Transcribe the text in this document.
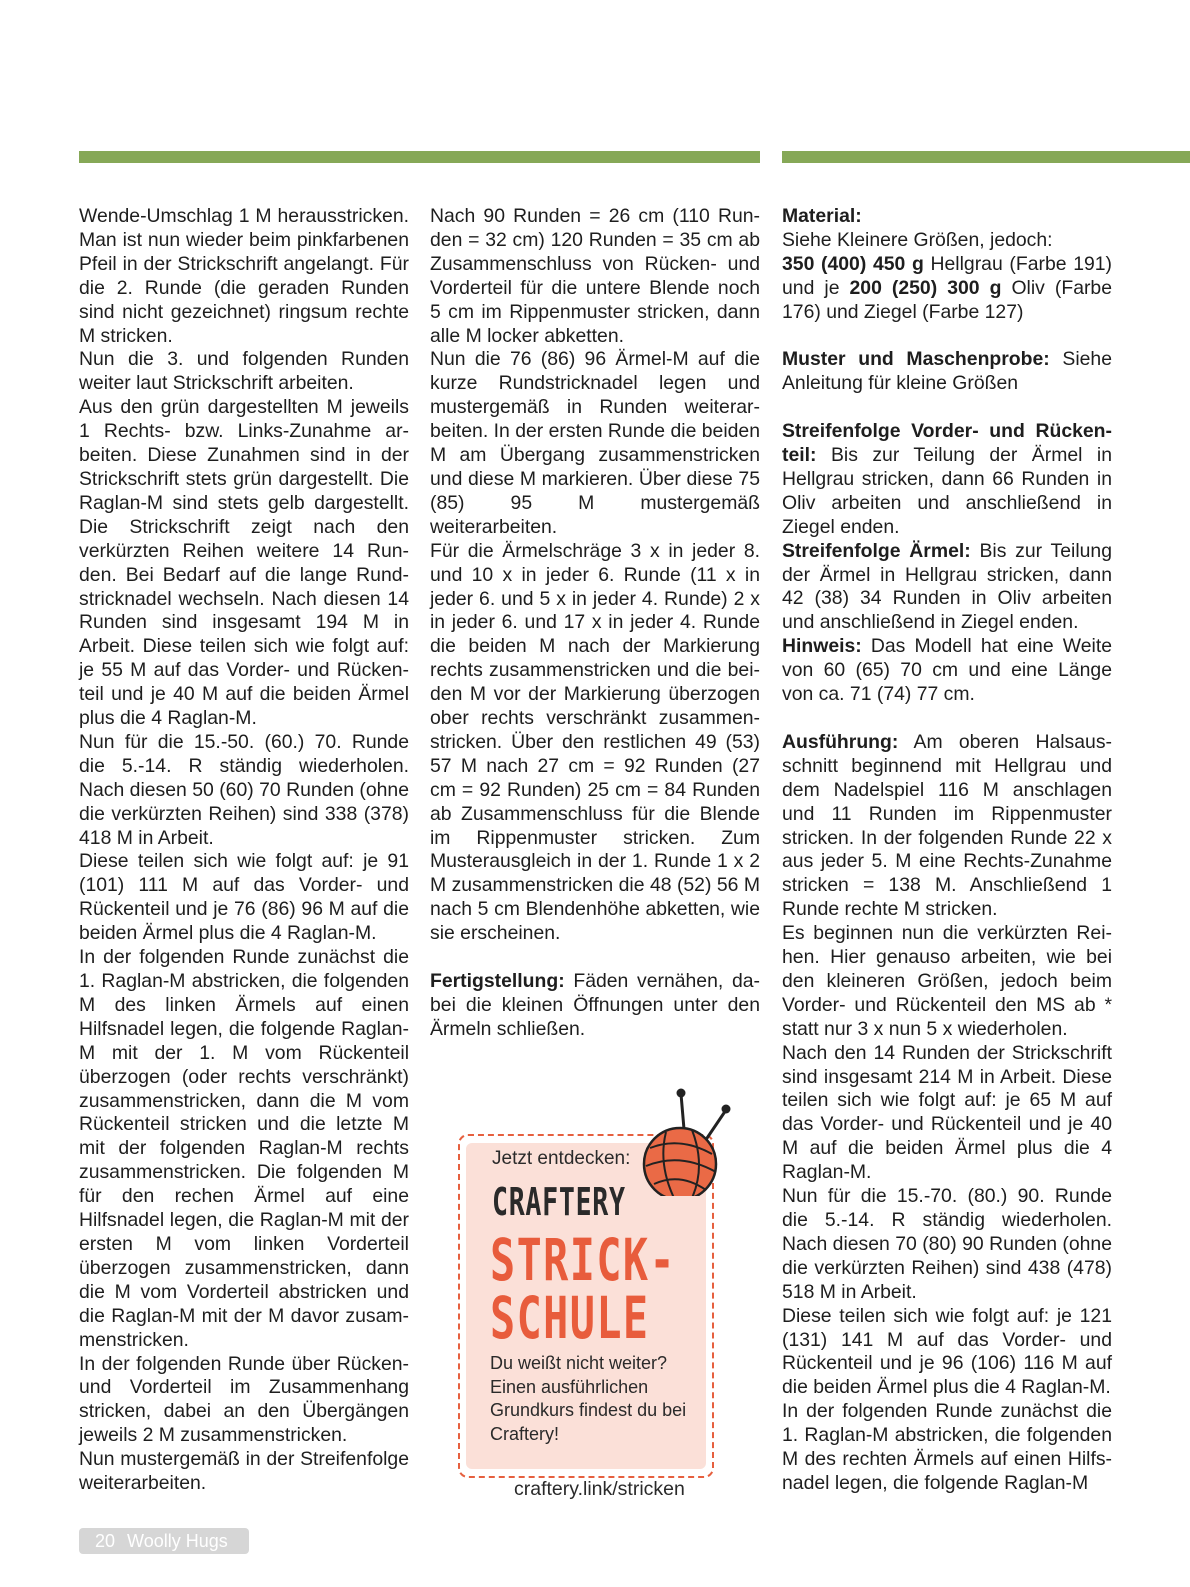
Wende-Umschlag 1 M herausstricken. Man ist nun wieder beim pinkfarbenen Pfeil in der Strickschrift angelangt. Für die 2. Runde (die geraden Runden sind nicht gezeichnet) ringsum rechte M stricken.

Nun die 3. und folgenden Runden weiter laut Strickschrift arbeiten.

Aus den grün dargestellten M jeweils 1 Rechts- bzw. Links-Zunahme arbeiten. Diese Zunahmen sind in der Strickschrift stets grün dargestellt. Die Raglan-M sind stets gelb dargestellt. Die Strickschrift zeigt nach den verkürzten Reihen weitere 14 Runden. Bei Bedarf auf die lange Rundstricknadel wechseln. Nach diesen 14 Runden sind insgesamt 194 M in Arbeit. Diese teilen sich wie folgt auf: je 55 M auf das Vorder- und Rückenteil und je 40 M auf die beiden Ärmel plus die 4 Raglan-M.

Nun für die 15.-50. (60.) 70. Runde die 5.-14. R ständig wiederholen. Nach diesen 50 (60) 70 Runden (ohne die verkürzten Reihen) sind 338 (378) 418 M in Arbeit.

Diese teilen sich wie folgt auf: je 91 (101) 111 M auf das Vorder- und Rückenteil und je 76 (86) 96 M auf die beiden Ärmel plus die 4 Raglan-M.

In der folgenden Runde zunächst die 1. Raglan-M abstricken, die folgenden M des linken Ärmels auf einen Hilfsnadel legen, die folgende Raglan-M mit der 1. M vom Rückenteil überzogen (oder rechts verschränkt) zusammenstricken, dann die M vom Rückenteil stricken und die letzte M mit der folgenden Raglan-M rechts zusammenstricken. Die folgenden M für den rechen Ärmel auf eine Hilfsnadel legen, die Raglan-M mit der ersten M vom linken Vorderteil überzogen zusammenstricken, dann die M vom Vorderteil abstricken und die Raglan-M mit der M davor zusammenstricken.

In der folgenden Runde über Rücken- und Vorderteil im Zusammenhang stricken, dabei an den Übergängen jeweils 2 M zusammenstricken.

Nun mustergemäß in der Streifenfolge weiterarbeiten.

Nach 90 Runden = 26 cm (110 Runden = 32 cm) 120 Runden = 35 cm ab Zusammenschluss von Rücken- und Vorderteil für die untere Blende noch 5 cm im Rippenmuster stricken, dann alle M locker abketten.

Nun die 76 (86) 96 Ärmel-M auf die kurze Rundstricknadel legen und mustergemäß in Runden weiterarbeiten. In der ersten Runde die beiden M am Übergang zusammenstricken und diese M markieren. Über diese 75 (85) 95 M mustergemäß weiterarbeiten.

Für die Ärmelschräge 3 x in jeder 8. und 10 x in jeder 6. Runde (11 x in jeder 6. und 5 x in jeder 4. Runde) 2 x in jeder 6. und 17 x in jeder 4. Runde die beiden M nach der Markierung rechts zusammenstricken und die beiden M vor der Markierung überzogen ober rechts verschränkt zusammenstricken. Über den restlichen 49 (53) 57 M nach 27 cm = 92 Runden (27 cm = 92 Runden) 25 cm = 84 Runden ab Zusammenschluss für die Blende im Rippenmuster stricken. Zum Musterausgleich in der 1. Runde 1 x 2 M zusammenstricken die 48 (52) 56 M nach 5 cm Blendenhöhe abketten, wie sie erscheinen.

Fertigstellung: Fäden vernähen, dabei die kleinen Öffnungen unter den Ärmeln schließen.

Material:

Siehe Kleinere Größen, jedoch:

350 (400) 450 g Hellgrau (Farbe 191) und je 200 (250) 300 g Oliv (Farbe 176) und Ziegel (Farbe 127)

Muster und Maschenprobe: Siehe Anleitung für kleine Größen

Streifenfolge Vorder- und Rückenteil: Bis zur Teilung der Ärmel in Hellgrau stricken, dann 66 Runden in Oliv arbeiten und anschließend in Ziegel enden.

Streifenfolge Ärmel: Bis zur Teilung der Ärmel in Hellgrau stricken, dann 42 (38) 34 Runden in Oliv arbeiten und anschließend in Ziegel enden.

Hinweis: Das Modell hat eine Weite von 60 (65) 70 cm und eine Länge von ca. 71 (74) 77 cm.

Ausführung: Am oberen Halsausschnitt beginnend mit Hellgrau und dem Nadelspiel 116 M anschlagen und 11 Runden im Rippenmuster stricken. In der folgenden Runde 22 x aus jeder 5. M eine Rechts-Zunahme stricken = 138 M. Anschließend 1 Runde rechte M stricken.

Es beginnen nun die verkürzten Reihen. Hier genauso arbeiten, wie bei den kleineren Größen, jedoch beim Vorder- und Rückenteil den MS ab * statt nur 3 x nun 5 x wiederholen.

Nach den 14 Runden der Strickschrift sind insgesamt 214 M in Arbeit. Diese teilen sich wie folgt auf: je 65 M auf das Vorder- und Rückenteil und je 40 M auf die beiden Ärmel plus die 4 Raglan-M.

Nun für die 15.-70. (80.) 90. Runde die 5.-14. R ständig wiederholen. Nach diesen 70 (80) 90 Runden (ohne die verkürzten Reihen) sind 438 (478) 518 M in Arbeit.

Diese teilen sich wie folgt auf: je 121 (131) 141 M auf das Vorder- und Rückenteil und je 96 (106) 116 M auf die beiden Ärmel plus die 4 Raglan-M.

In der folgenden Runde zunächst die 1. Raglan-M abstricken, die folgenden M des rechten Ärmels auf einen Hilfsnadel legen, die folgende Raglan-M

Jetzt entdecken:
CRAFTERY
STRICK-
SCHULE
Du weißt nicht weiter? Einen ausführlichen Grundkurs findest du bei Craftery!
craftery.link/stricken
20 Woolly Hugs
